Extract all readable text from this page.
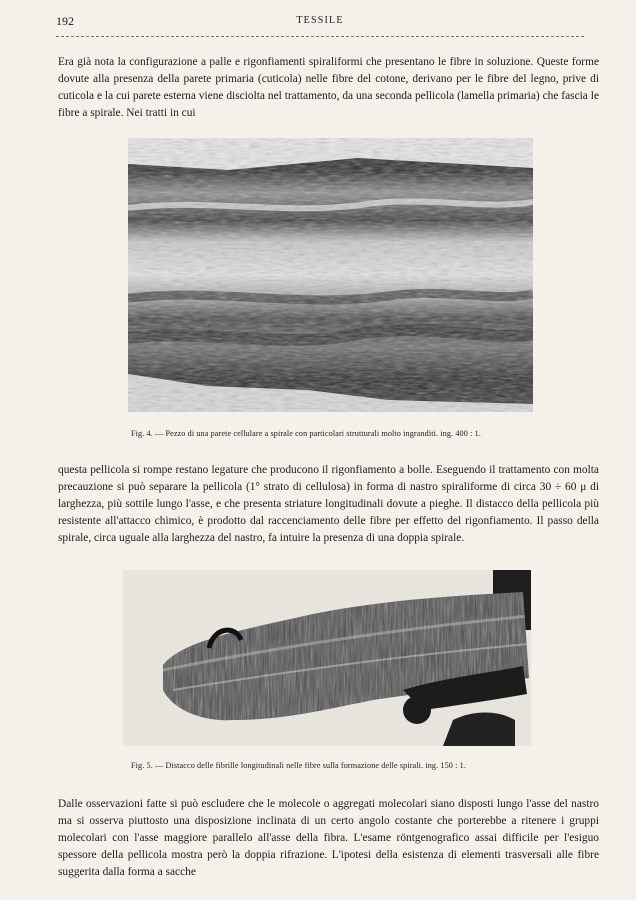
192	TESSILE

Era già nota la configurazione a palle e rigonfiamenti spiraliformi che presentano le fibre in soluzione. Queste forme dovute alla presenza della parete primaria (cuticola) nelle fibre del cotone, derivano per le fibre del legno, prive di cuticola e la cui parete esterna viene disciolta nel trattamento, da una seconda pellicola (lamella primaria) che fascia le fibre a spirale. Nei tratti in cui

Fig. 4. — Pezzo di una parete cellulare a spirale con particolari strutturali molto ingranditi. ing. 400 : 1.

questa pellicola si rompe restano legature che producono il rigonfiamento a bolle. Eseguendo il trattamento con molta precauzione si può separare la pellicola (1° strato di cellulosa) in forma di nastro spiraliforme di circa 30 ÷ 60 μ di larghezza, più sottile lungo l'asse, e che presenta striature longitudinali dovute a pieghe. Il distacco della pellicola più resistente all'attacco chimico, è prodotto dal raccenciamento delle fibre per effetto del rigonfiamento. Il passo della spirale, circa uguale alla larghezza del nastro, fa intuire la presenza di una doppia spirale.

Fig. 5. — Distacco delle fibrille longitudinali nelle fibre sulla formazione delle spirali. ing. 150 : 1.

Dalle osservazioni fatte si può escludere che le molecole o aggregati molecolari siano disposti lungo l'asse del nastro ma si osserva piuttosto una disposizione inclinata di un certo angolo costante che porterebbe a ritenere i gruppi molecolari con l'asse maggiore parallelo all'asse della fibra. L'esame röntgenografico assai difficile per l'esiguo spessore della pellicola mostra però la doppia rifrazione. L'ipotesi della esistenza di elementi trasversali alle fibre suggerita dalla forma a sacche
